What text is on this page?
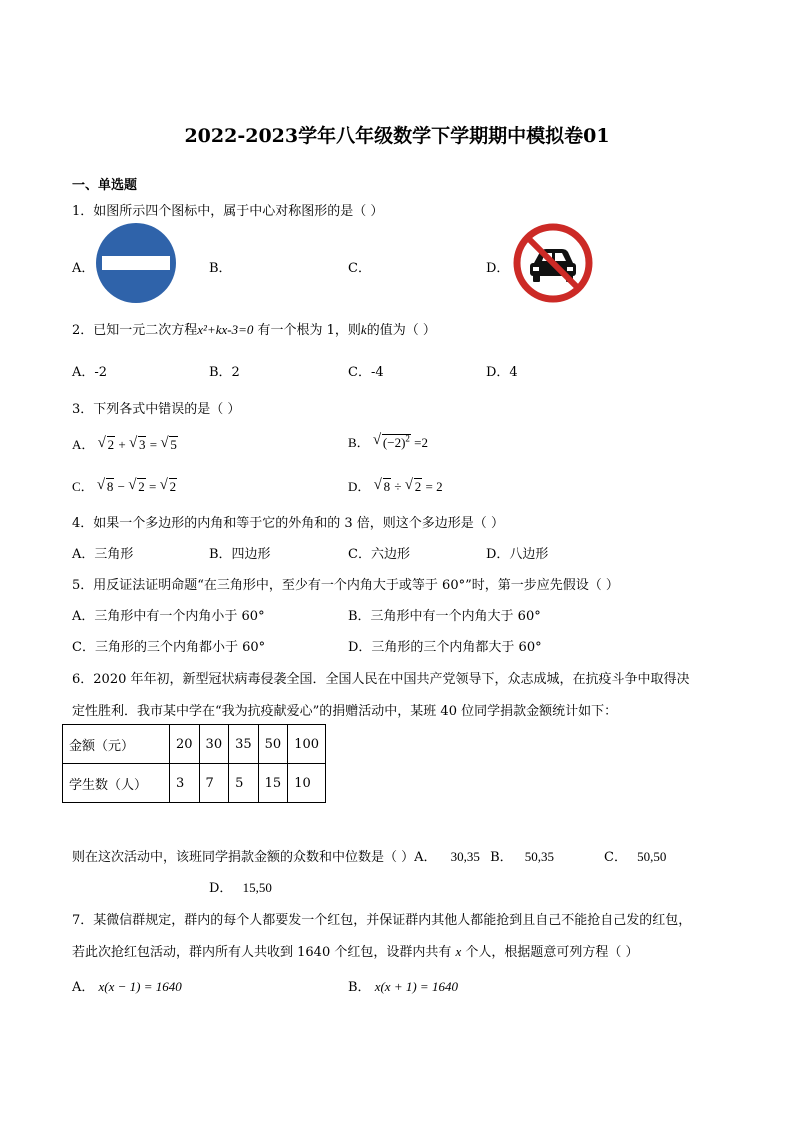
2022-2023学年八年级数学下学期期中模拟卷01
一、单选题
1．如图所示四个图标中，属于中心对称图形的是（ ）
A．	B．	C．	D．
2．已知一元二次方程x²+kx-3=0 有一个根为 1，则k的值为（ ）
A．-2	B．2	C．-4	D．4
3．下列各式中错误的是（ ）
A． √ 2 + √ 3 = √ 5	B． √ $(-2)^2 =2$
C． √ 8 − √ 2 = √ 2	D． √ 8 ÷ √ 2 = 2
4．如果一个多边形的内角和等于它的外角和的 3 倍，则这个多边形是（ ）
A．三角形	B．四边形	C．六边形	D．八边形
5．用反证法证明命题“在三角形中，至少有一个内角大于或等于 60°”时，第一步应先假设（ ）
A．三角形中有一个内角小于 60°	B．三角形中有一个内角大于 60°
C．三角形的三个内角都小于 60°	D．三角形的三个内角都大于 60°
6．2020 年年初，新型冠状病毒侵袭全国．全国人民在中国共产党领导下，众志成城，在抗疫斗争中取得决
定性胜利．我市某中学在“我为抗疫献爱心”的捐赠活动中，某班 40 位同学捐款金额统计如下：
金额（元）	20	30	35	50	100
学生数（人）	3	7	5	15	10
则在这次活动中，该班同学捐款金额的众数和中位数是（ ）A． 30,35 B． 50,35	C． 50,50
D． 15,50
7．某微信群规定，群内的每个人都要发一个红包，并保证群内其他人都能抢到且自己不能抢自己发的红包，
若此次抢红包活动，群内所有人共收到 1640 个红包，设群内共有 x 个人，根据题意可列方程（ ）
A． x(x − 1) = 1640	B． x(x + 1) = 1640
